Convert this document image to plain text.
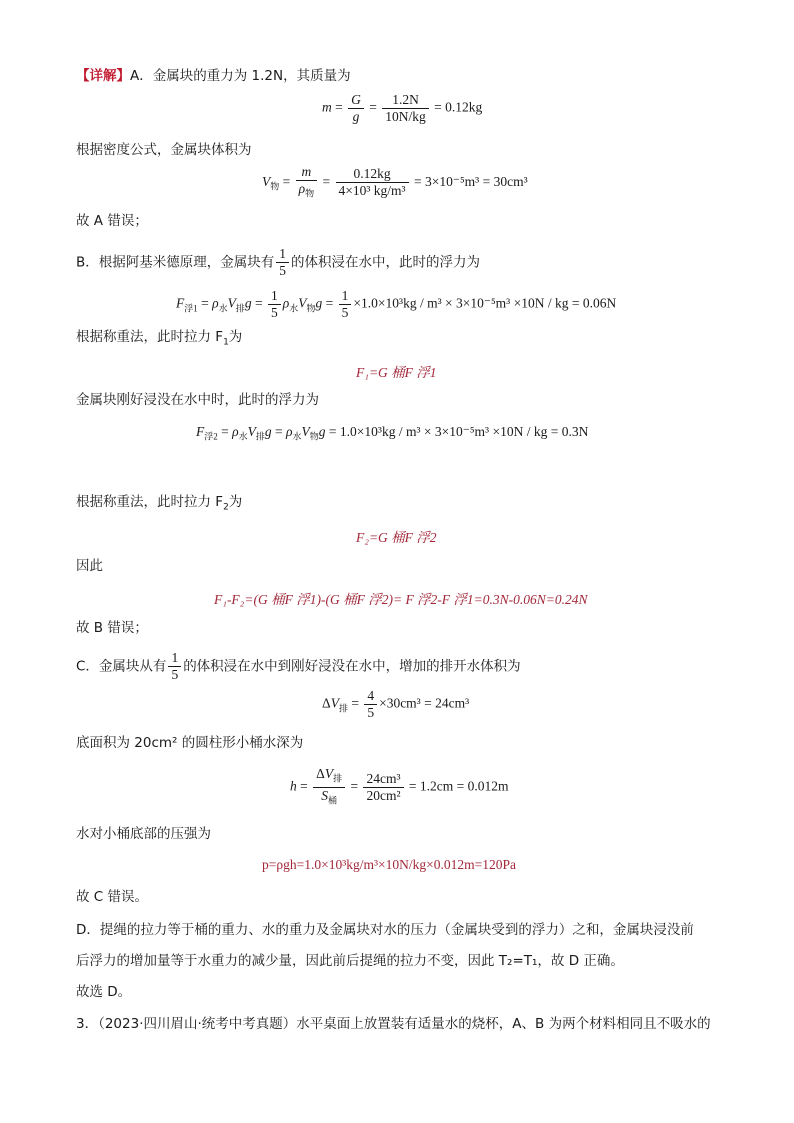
【详解】A．金属块的重力为 1.2N，其质量为
$m = \frac{G}{g} = \frac{1.2N}{10N/kg} = 0.12kg$
根据密度公式，金属块体积为
$V_物 = \frac{m}{\rho_物} = \frac{0.12kg}{\text{4×10³ kg/m³}} = 3\times 10^{-5}m^3 = 30cm^3$
故 A 错误；
B．根据阿基米德原理，金属块有 $\frac{1}{5}$ 的体积浸在水中，此时的浮力为
$F_{浮1} = \rho_水V_排g = \frac{1}{5} \rho_水V_物g = \frac{1}{5} \times 1.0\times 10^3kg / m^3 \times 3\times 10^{-5}m^3 \times 10N$ / kg = 0.06N
根据称重法，此时拉力 $F_1$为
F₁=G 桶F 浮1
金属块刚好浸没在水中时，此时的浮力为
$F_{浮2} = \rho_水V_排g = \rho_水V_物g = 1.0\times 10^3kg / m^3 \times 3\times 10^{-5}m^3 \times 10N$ / kg = 0.3N
根据称重法，此时拉力 $F_2$为
F₂=G 桶F 浮2
因此
F₁-F₂=(G 桶F 浮1)-(G 桶F 浮2)= F 浮2-F 浮1=0.3N-0.06N=0.24N
故 B 错误；
C．金属块从有 $\frac{1}{5}$ 的体积浸在水中到刚好浸没在水中，增加的排开水体积为
$\Delta V_排 = \frac{4}{5} \times 30cm^3 = 24cm^3$
底面积为 20cm² 的圆柱形小桶水深为
$h = \frac{\Delta V_排}{S_桶} = \frac{\text{24cm³}}{\text{20cm²}} = 1.2cm = 0.012m$
水对小桶底部的压强为
p=ρgh=1.0×10³kg/m³×10N/kg×0.012m=120Pa
故 C 错误。
D．提绳的拉力等于桶的重力、水的重力及金属块对水的压力（金属块受到的浮力）之和，金属块浸没前
后浮力的增加量等于水重力的减少量，因此前后提绳的拉力不变，因此 T₂=T₁，故 D 正确。
故选 D。
3．（2023·四川眉山·统考中考真题）水平桌面上放置装有适量水的烧杯，A、B 为两个材料相同且不吸水的
